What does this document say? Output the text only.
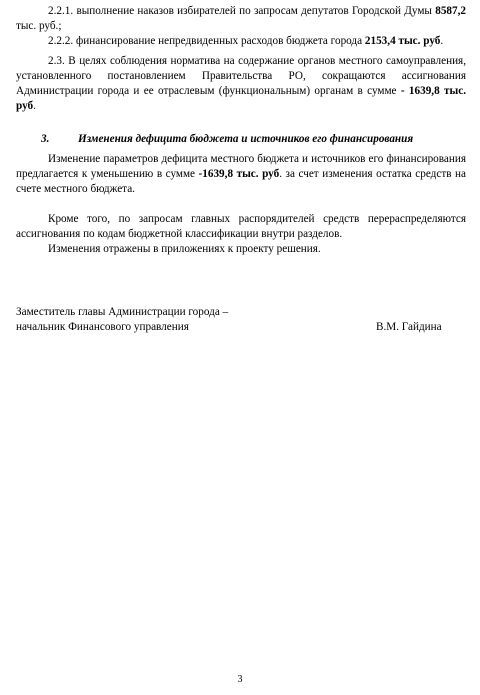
2.2.1. выполнение наказов избирателей по запросам депутатов Городской Думы 8587,2 тыс. руб.;

2.2.2. финансирование непредвиденных расходов бюджета города 2153,4 тыс. руб.

2.3. В целях соблюдения норматива на содержание органов местного самоуправления, установленного постановлением Правительства РО, сокращаются ассигнования Администрации города и ее отраслевым (функциональным) органам в сумме - 1639,8 тыс. руб.

3.	Изменения дефицита бюджета и источников его финансирования

Изменение параметров дефицита местного бюджета и источников его финансирования предлагается к уменьшению в сумме -1639,8 тыс. руб. за счет изменения остатка средств на счете местного бюджета.

Кроме того, по запросам главных распорядителей средств перераспределяются ассигнования по кодам бюджетной классификации внутри разделов.

Изменения отражены в приложениях к проекту решения.

Заместитель главы Администрации города –
начальник Финансового управления	В.М. Гайдина
3
